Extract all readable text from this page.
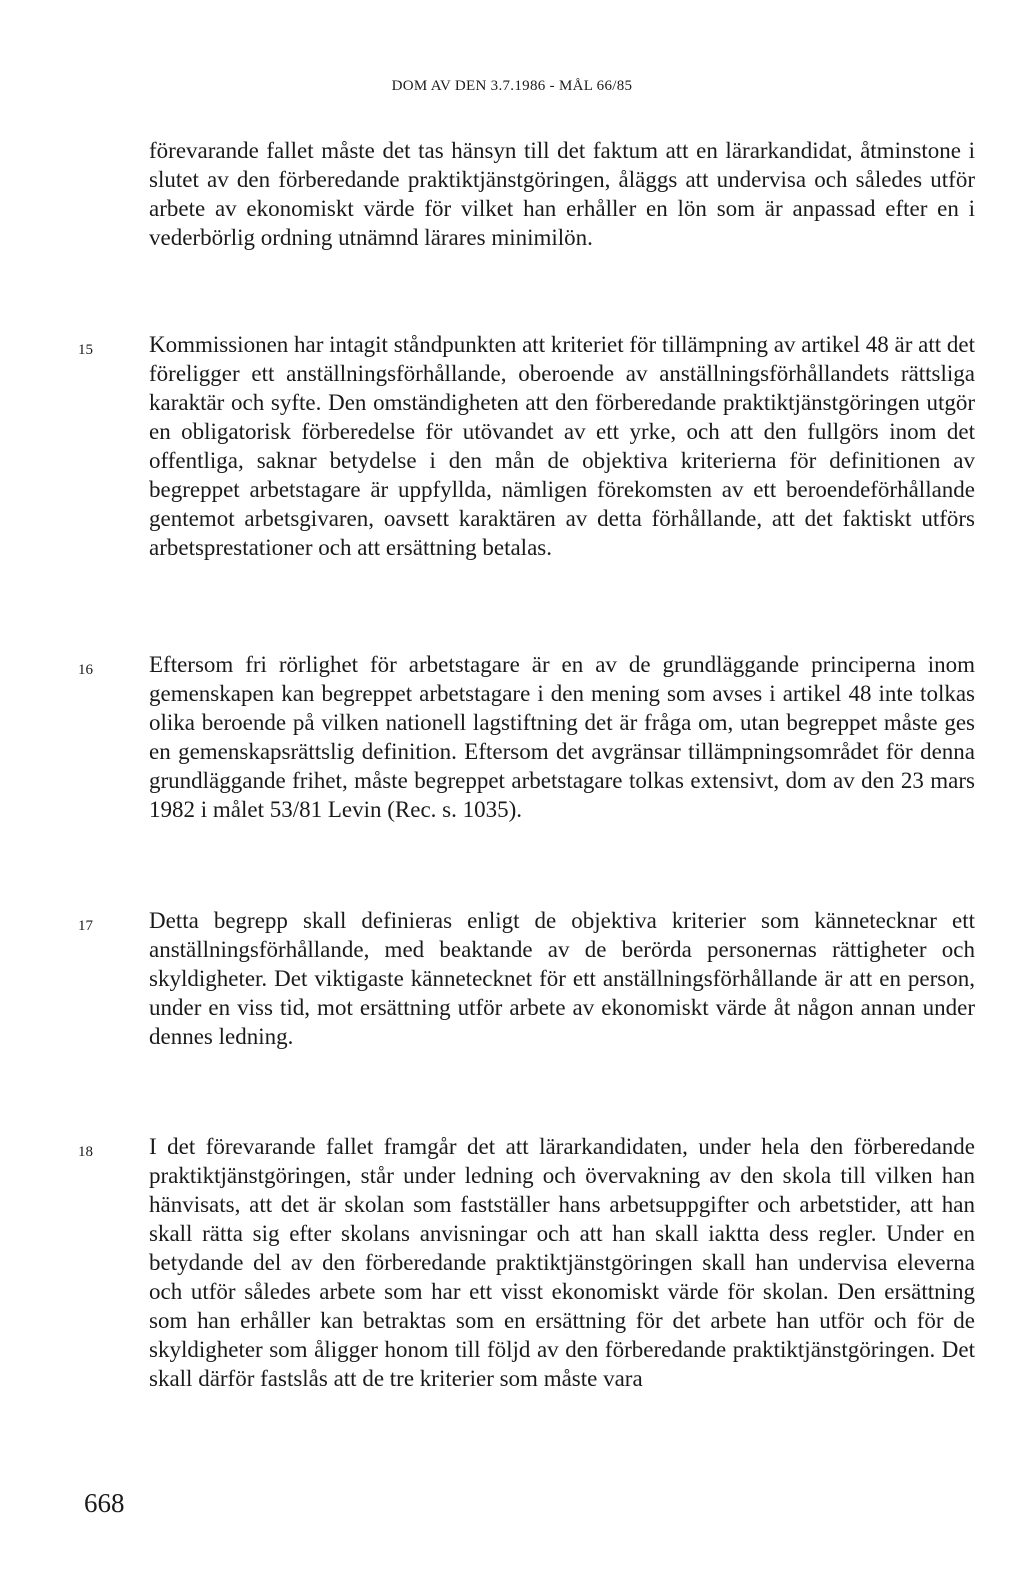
DOM AV DEN 3.7.1986 - MÅL 66/85

förevarande fallet måste det tas hänsyn till det faktum att en lärarkandidat, åtminstone i slutet av den förberedande praktiktjänstgöringen, åläggs att undervisa och således utför arbete av ekonomiskt värde för vilket han erhåller en lön som är anpassad efter en i vederbörlig ordning utnämnd lärares minimilön.

15 Kommissionen har intagit ståndpunkten att kriteriet för tillämpning av artikel 48 är att det föreligger ett anställningsförhållande, oberoende av anställningsförhållandets rättsliga karaktär och syfte. Den omständigheten att den förberedande praktiktjänstgöringen utgör en obligatorisk förberedelse för utövandet av ett yrke, och att den fullgörs inom det offentliga, saknar betydelse i den mån de objektiva kriterierna för definitionen av begreppet arbetstagare är uppfyllda, nämligen förekomsten av ett beroendeförhållande gentemot arbetsgivaren, oavsett karaktären av detta förhållande, att det faktiskt utförs arbetsprestationer och att ersättning betalas.

16 Eftersom fri rörlighet för arbetstagare är en av de grundläggande principerna inom gemenskapen kan begreppet arbetstagare i den mening som avses i artikel 48 inte tolkas olika beroende på vilken nationell lagstiftning det är fråga om, utan begreppet måste ges en gemenskapsrättslig definition. Eftersom det avgränsar tillämpningsområdet för denna grundläggande frihet, måste begreppet arbetstagare tolkas extensivt, dom av den 23 mars 1982 i målet 53/81 Levin (Rec. s. 1035).

17 Detta begrepp skall definieras enligt de objektiva kriterier som kännetecknar ett anställningsförhållande, med beaktande av de berörda personernas rättigheter och skyldigheter. Det viktigaste kännetecknet för ett anställningsförhållande är att en person, under en viss tid, mot ersättning utför arbete av ekonomiskt värde åt någon annan under dennes ledning.

18 I det förevarande fallet framgår det att lärarkandidaten, under hela den förberedande praktiktjänstgöringen, står under ledning och övervakning av den skola till vilken han hänvisats, att det är skolan som fastställer hans arbetsuppgifter och arbetstider, att han skall rätta sig efter skolans anvisningar och att han skall iaktta dess regler. Under en betydande del av den förberedande praktiktjänstgöringen skall han undervisa eleverna och utför således arbete som har ett visst ekonomiskt värde för skolan. Den ersättning som han erhåller kan betraktas som en ersättning för det arbete han utför och för de skyldigheter som åligger honom till följd av den förberedande praktiktjänstgöringen. Det skall därför fastslås att de tre kriterier som måste vara

668
